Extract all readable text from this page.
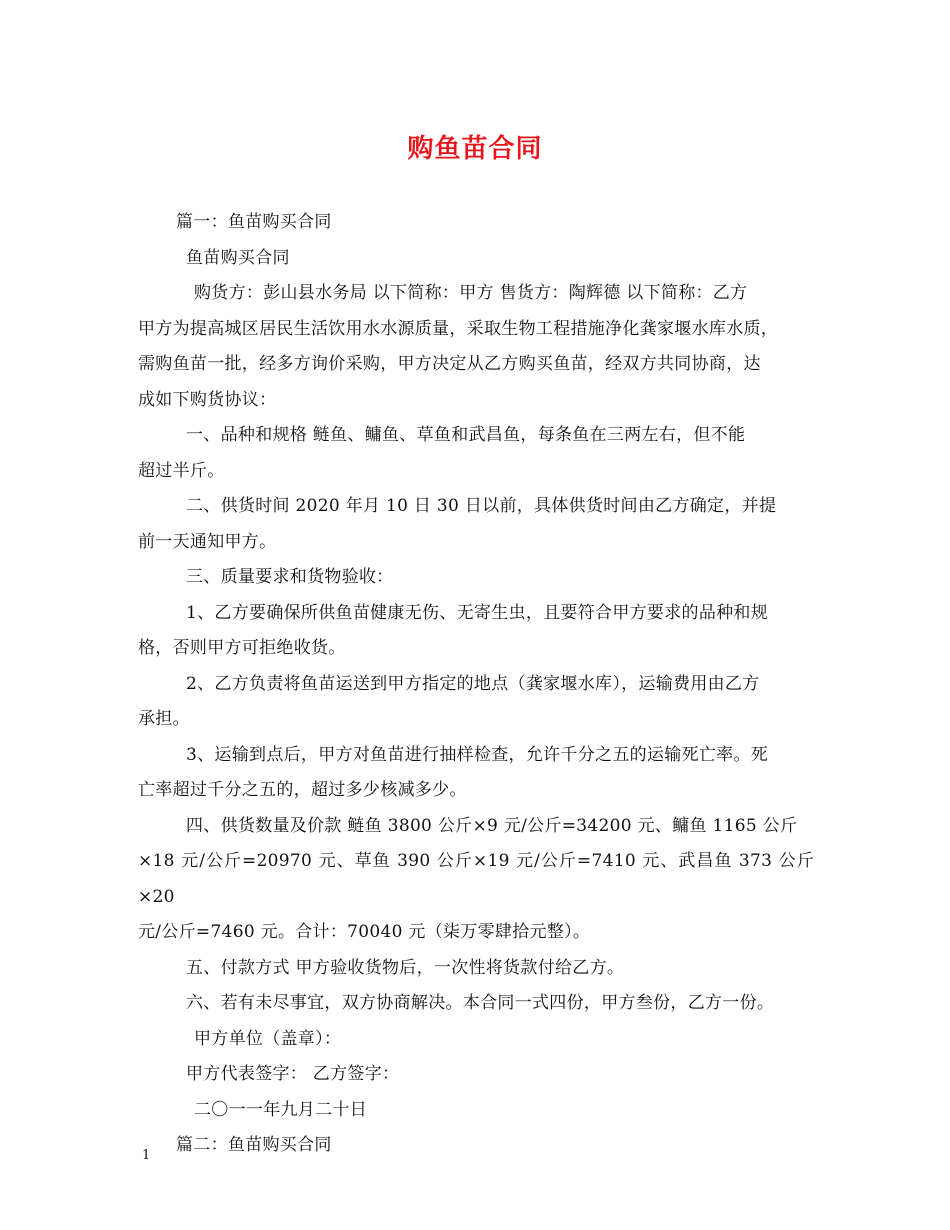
购鱼苗合同

篇一：鱼苗购买合同

鱼苗购买合同

购货方：彭山县水务局 以下简称：甲方 售货方：陶辉德 以下简称：乙方

甲方为提高城区居民生活饮用水水源质量，采取生物工程措施净化龚家堰水库水质，

需购鱼苗一批，经多方询价采购，甲方决定从乙方购买鱼苗，经双方共同协商，达

成如下购货协议：

一、品种和规格 鲢鱼、鳙鱼、草鱼和武昌鱼，每条鱼在三两左右，但不能

超过半斤。

二、供货时间 2020 年月 10 日 30 日以前，具体供货时间由乙方确定，并提

前一天通知甲方。

三、质量要求和货物验收：

1、乙方要确保所供鱼苗健康无伤、无寄生虫，且要符合甲方要求的品种和规

格，否则甲方可拒绝收货。

2、乙方负责将鱼苗运送到甲方指定的地点（龚家堰水库），运输费用由乙方

承担。

3、运输到点后，甲方对鱼苗进行抽样检查，允许千分之五的运输死亡率。死

亡率超过千分之五的，超过多少核减多少。

四、供货数量及价款 鲢鱼 3800 公斤×9 元/公斤=34200 元、鳙鱼 1165 公斤

×18 元/公斤=20970 元、草鱼 390 公斤×19 元/公斤=7410 元、武昌鱼 373 公斤×20

元/公斤=7460 元。合计：70040 元（柒万零肆拾元整）。

五、付款方式 甲方验收货物后，一次性将货款付给乙方。

六、若有未尽事宜，双方协商解决。本合同一式四份，甲方叁份，乙方一份。

甲方单位（盖章）：

甲方代表签字： 乙方签字：

二〇一一年九月二十日

篇二：鱼苗购买合同

1
